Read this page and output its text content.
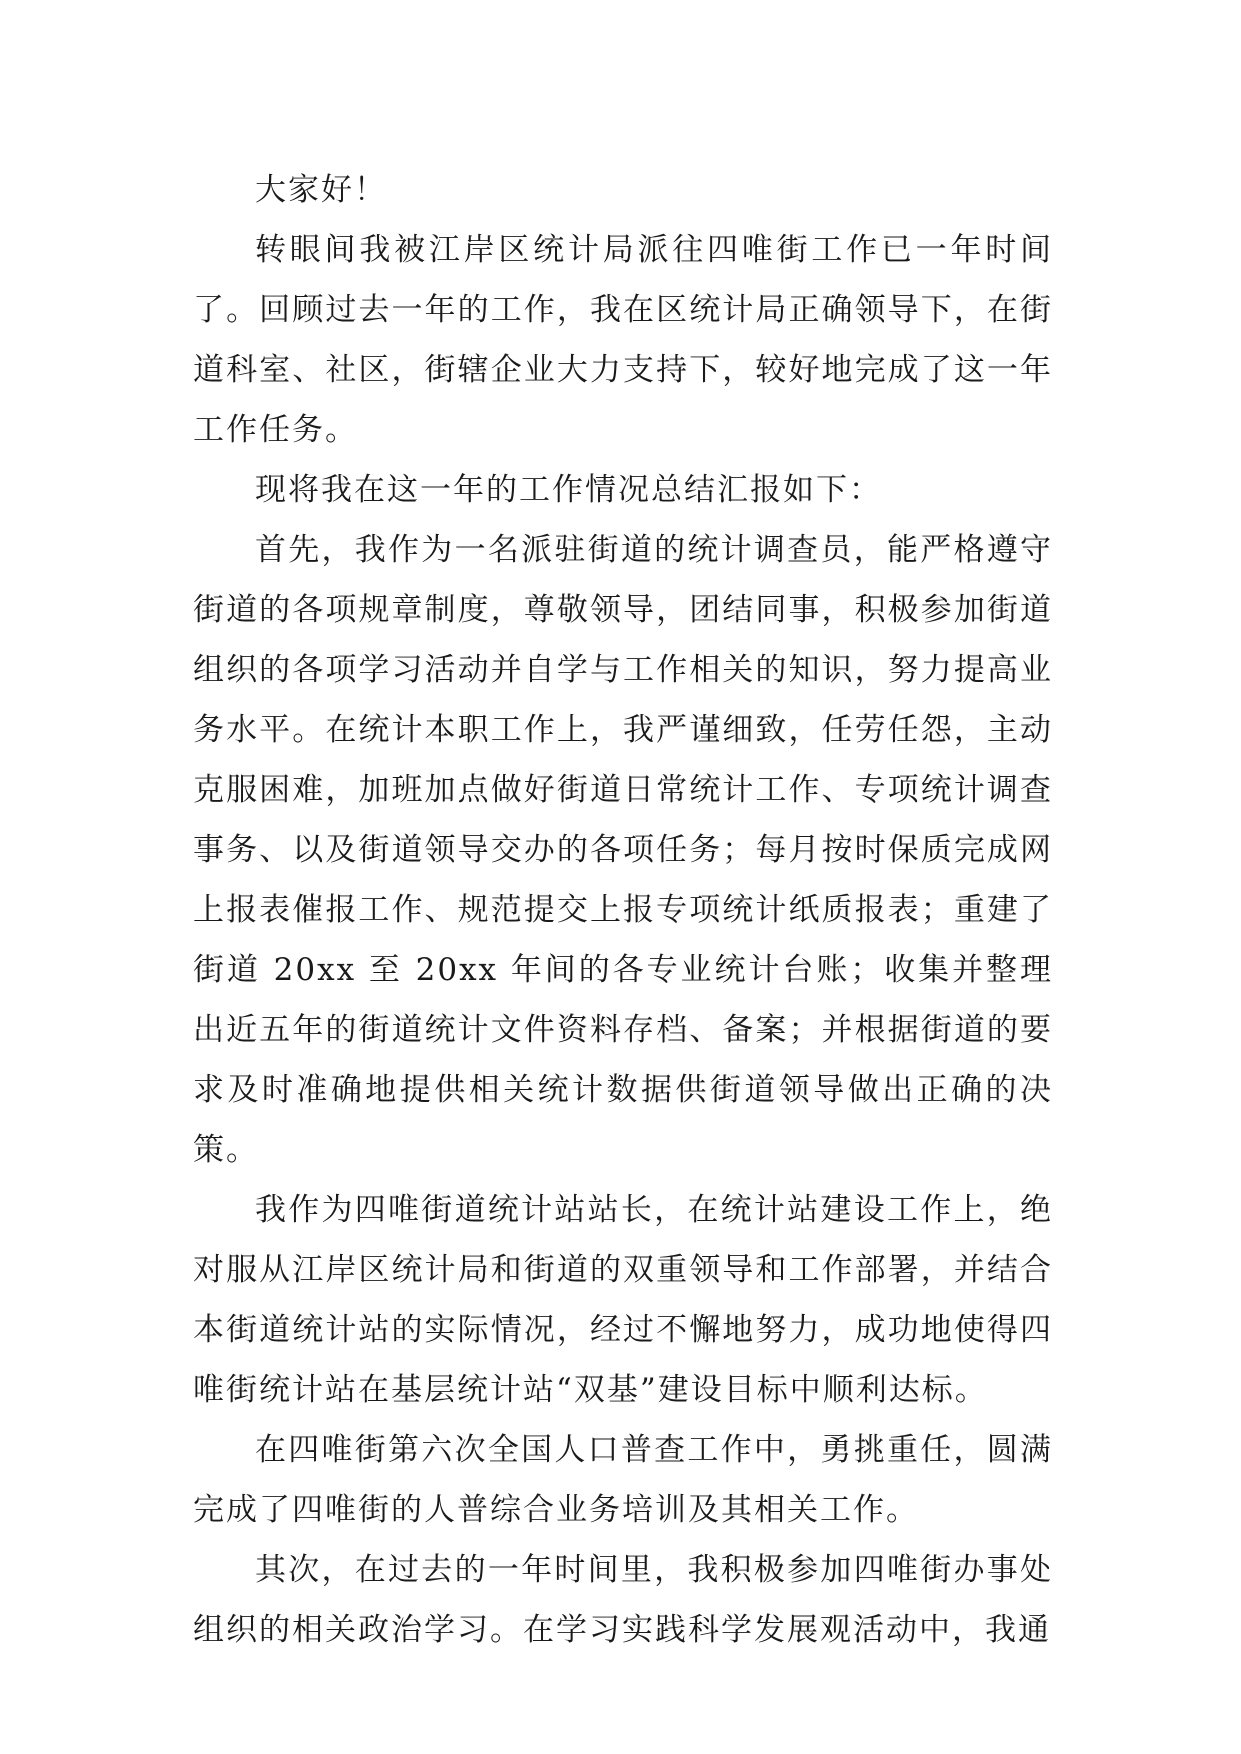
大家好！

转眼间我被江岸区统计局派往四唯街工作已一年时间了。回顾过去一年的工作，我在区统计局正确领导下，在街道科室、社区，街辖企业大力支持下，较好地完成了这一年工作任务。

现将我在这一年的工作情况总结汇报如下：

首先，我作为一名派驻街道的统计调查员，能严格遵守街道的各项规章制度，尊敬领导，团结同事，积极参加街道组织的各项学习活动并自学与工作相关的知识，努力提高业务水平。在统计本职工作上，我严谨细致，任劳任怨，主动克服困难，加班加点做好街道日常统计工作、专项统计调查事务、以及街道领导交办的各项任务；每月按时保质完成网上报表催报工作、规范提交上报专项统计纸质报表；重建了街道 20xx 至 20xx 年间的各专业统计台账；收集并整理出近五年的街道统计文件资料存档、备案；并根据街道的要求及时准确地提供相关统计数据供街道领导做出正确的决策。

我作为四唯街道统计站站长，在统计站建设工作上，绝对服从江岸区统计局和街道的双重领导和工作部署，并结合本街道统计站的实际情况，经过不懈地努力，成功地使得四唯街统计站在基层统计站“双基”建设目标中顺利达标。

在四唯街第六次全国人口普查工作中，勇挑重任，圆满完成了四唯街的人普综合业务培训及其相关工作。

其次，在过去的一年时间里，我积极参加四唯街办事处组织的相关政治学习。在学习实践科学发展观活动中，我通
